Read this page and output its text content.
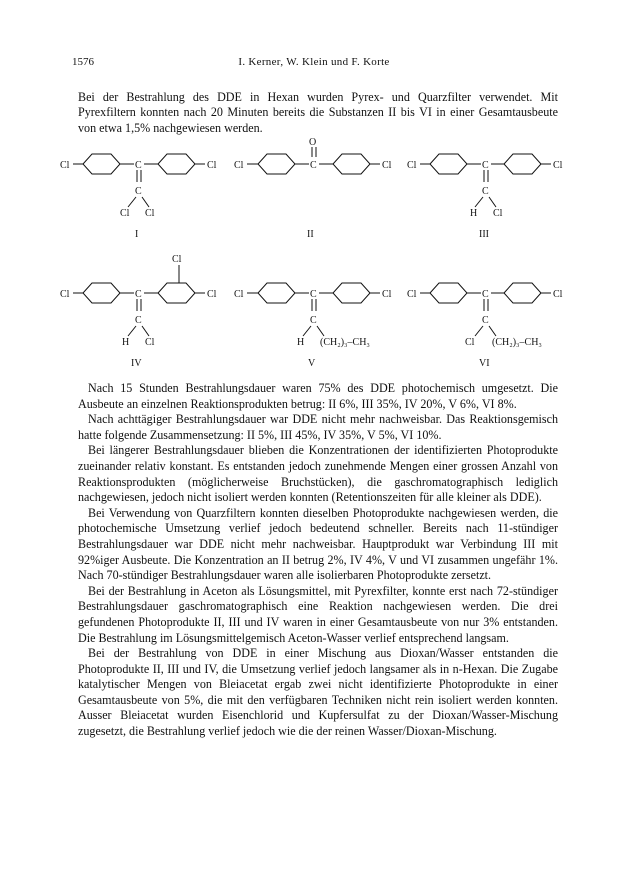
1576	I. Kerner, W. Klein und F. Korte

Bei der Bestrahlung des DDE in Hexan wurden Pyrex- und Quarzfilter verwendet. Mit Pyrexfiltern konnten nach 20 Minuten bereits die Substanzen II bis VI in einer Gesamtausbeute von etwa 1,5% nachgewiesen werden.

Cl	C	Cl
C
Cl Cl
I
O
Cl	C	Cl
II
Cl	C	Cl
C
H Cl
III
Cl
Cl	C	Cl
C
H Cl
IV
Cl	C	Cl
C
H (CH₂)₃–CH₃
V
Cl	C	Cl
C
Cl (CH₂)₃–CH₃
VI

Nach 15 Stunden Bestrahlungsdauer waren 75% des DDE photochemisch umgesetzt. Die Ausbeute an einzelnen Reaktionsprodukten betrug: II 6%, III 35%, IV 20%, V 6%, VI 8%.

Nach achttägiger Bestrahlungsdauer war DDE nicht mehr nachweisbar. Das Reaktionsgemisch hatte folgende Zusammensetzung: II 5%, III 45%, IV 35%, V 5%, VI 10%.

Bei längerer Bestrahlungsdauer blieben die Konzentrationen der identifizierten Photoprodukte zueinander relativ konstant. Es entstanden jedoch zunehmende Mengen einer grossen Anzahl von Reaktionsprodukten (möglicherweise Bruchstücken), die gaschromatographisch lediglich nachgewiesen, jedoch nicht isoliert werden konnten (Retentionszeiten für alle kleiner als DDE).

Bei Verwendung von Quarzfiltern konnten dieselben Photoprodukte nachgewiesen werden, die photochemische Umsetzung verlief jedoch bedeutend schneller. Bereits nach 11-stündiger Bestrahlungsdauer war DDE nicht mehr nachweisbar. Hauptprodukt war Verbindung III mit 92%iger Ausbeute. Die Konzentration an II betrug 2%, IV 4%, V und VI zusammen ungefähr 1%. Nach 70-stündiger Bestrahlungsdauer waren alle isolierbaren Photoprodukte zersetzt.

Bei der Bestrahlung in Aceton als Lösungsmittel, mit Pyrexfilter, konnte erst nach 72-stündiger Bestrahlungsdauer gaschromatographisch eine Reaktion nachgewiesen werden. Die drei gefundenen Photoprodukte II, III und IV waren in einer Gesamtausbeute von nur 3% entstanden. Die Bestrahlung im Lösungsmittelgemisch Aceton-Wasser verlief entsprechend langsam.

Bei der Bestrahlung von DDE in einer Mischung aus Dioxan/Wasser entstanden die Photoprodukte II, III und IV, die Umsetzung verlief jedoch langsamer als in n-Hexan. Die Zugabe katalytischer Mengen von Bleiacetat ergab zwei nicht identifizierte Photoprodukte in einer Gesamtausbeute von 5%, die mit den verfügbaren Techniken nicht rein isoliert werden konnten. Ausser Bleiacetat wurden Eisenchlorid und Kupfersulfat zu der Dioxan/Wasser-Mischung zugesetzt, die Bestrahlung verlief jedoch wie die der reinen Wasser/Dioxan-Mischung.
